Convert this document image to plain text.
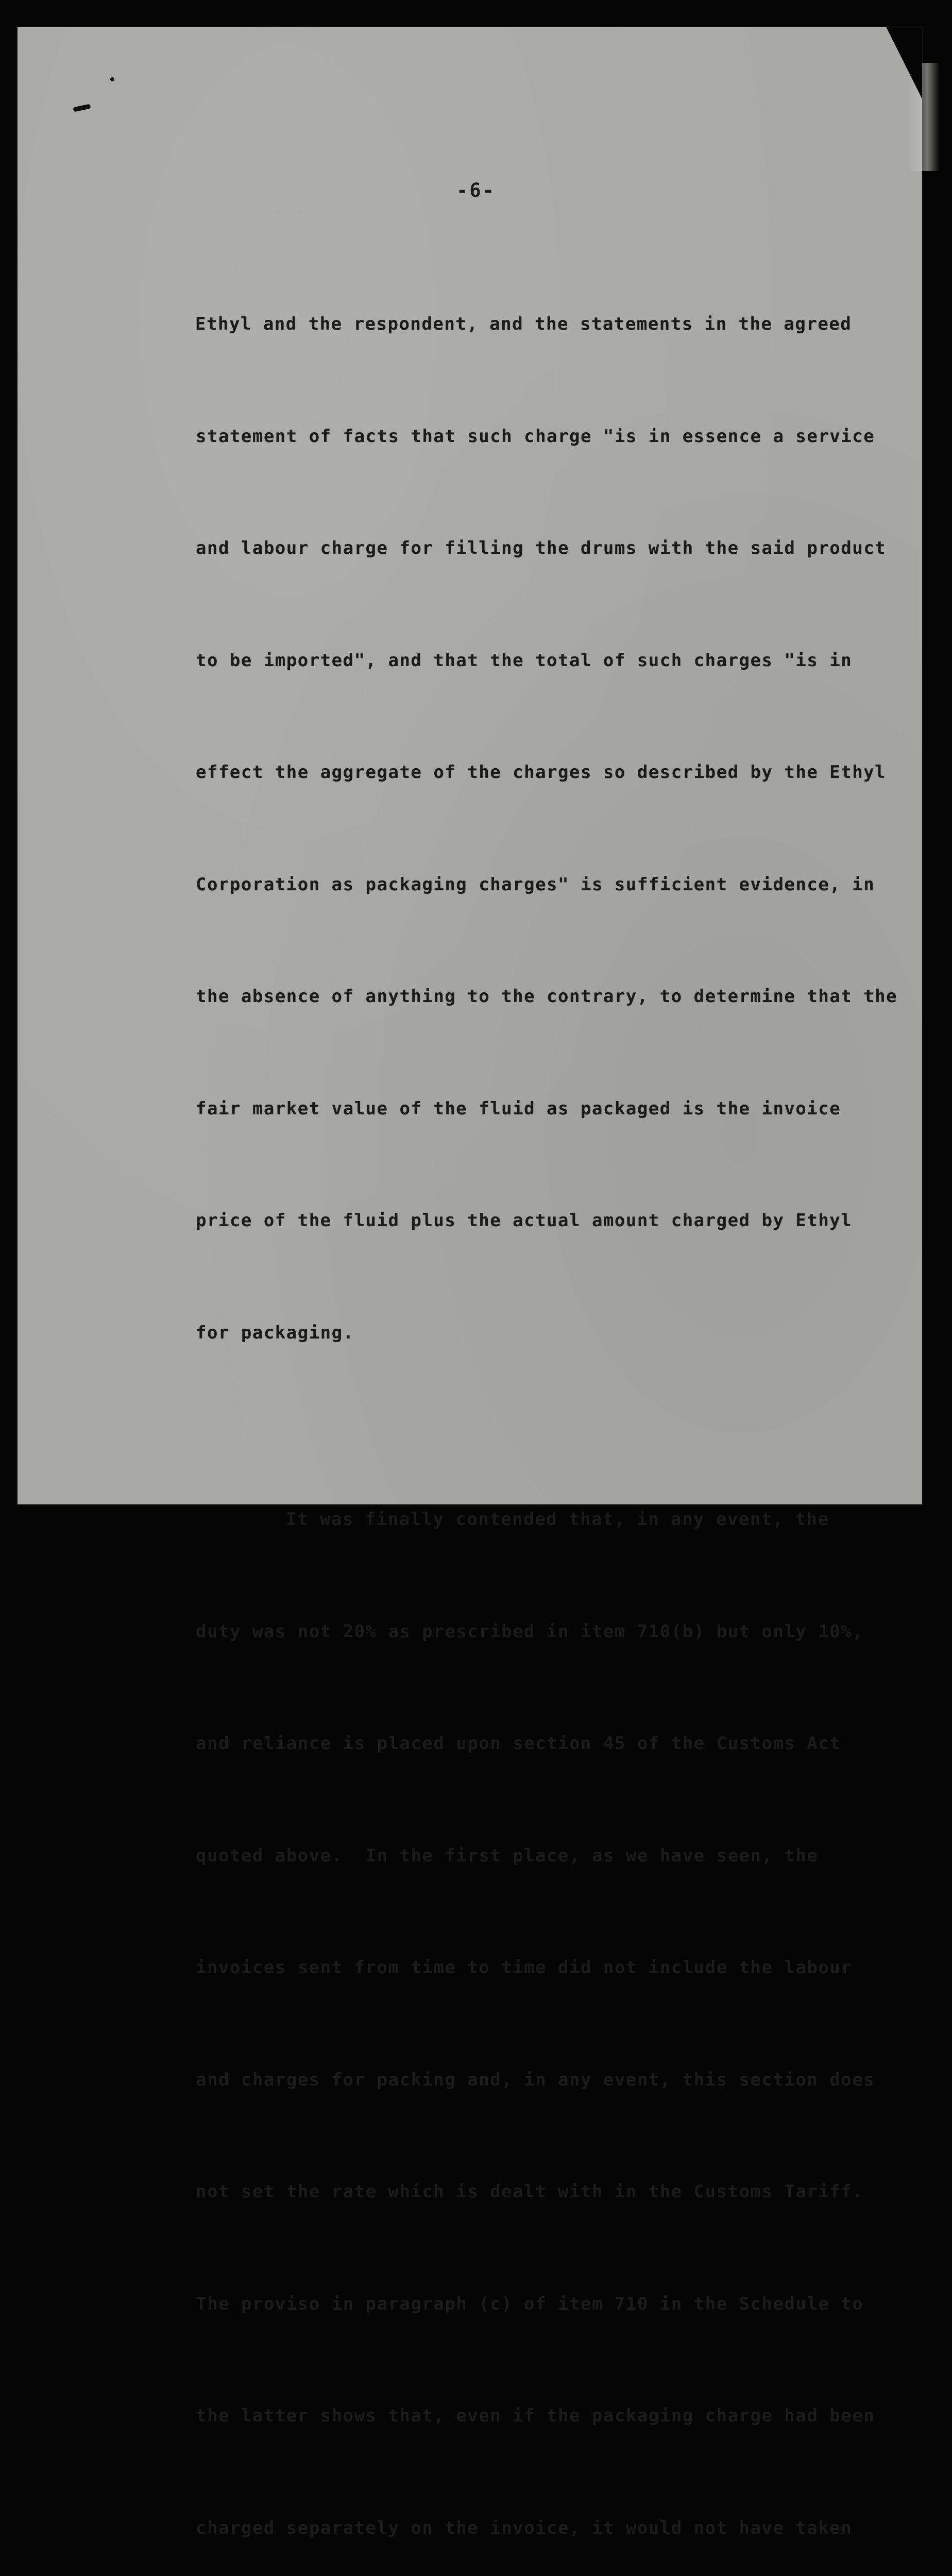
-6-

Ethyl and the respondent, and the statements in the agreed

statement of facts that such charge "is in essence a service

and labour charge for filling the drums with the said product

to be imported", and that the total of such charges "is in

effect the aggregate of the charges so described by the Ethyl

Corporation as packaging charges" is sufficient evidence, in

the absence of anything to the contrary, to determine that the

fair market value of the fluid as packaged is the invoice

price of the fluid plus the actual amount charged by Ethyl

for packaging.

It was finally contended that, in any event, the

duty was not 20% as prescribed in item 710(b) but only 10%,

and reliance is placed upon section 45 of the Customs Act

quoted above.  In the first place, as we have seen, the

invoices sent from time to time did not include the labour

and charges for packing and, in any event, this section does

not set the rate which is dealt with in the Customs Tariff.

The proviso in paragraph (c) of item 710 in the Schedule to

the latter shows that, even if the packaging charge had been

charged separately on the invoice, it would not have taken
